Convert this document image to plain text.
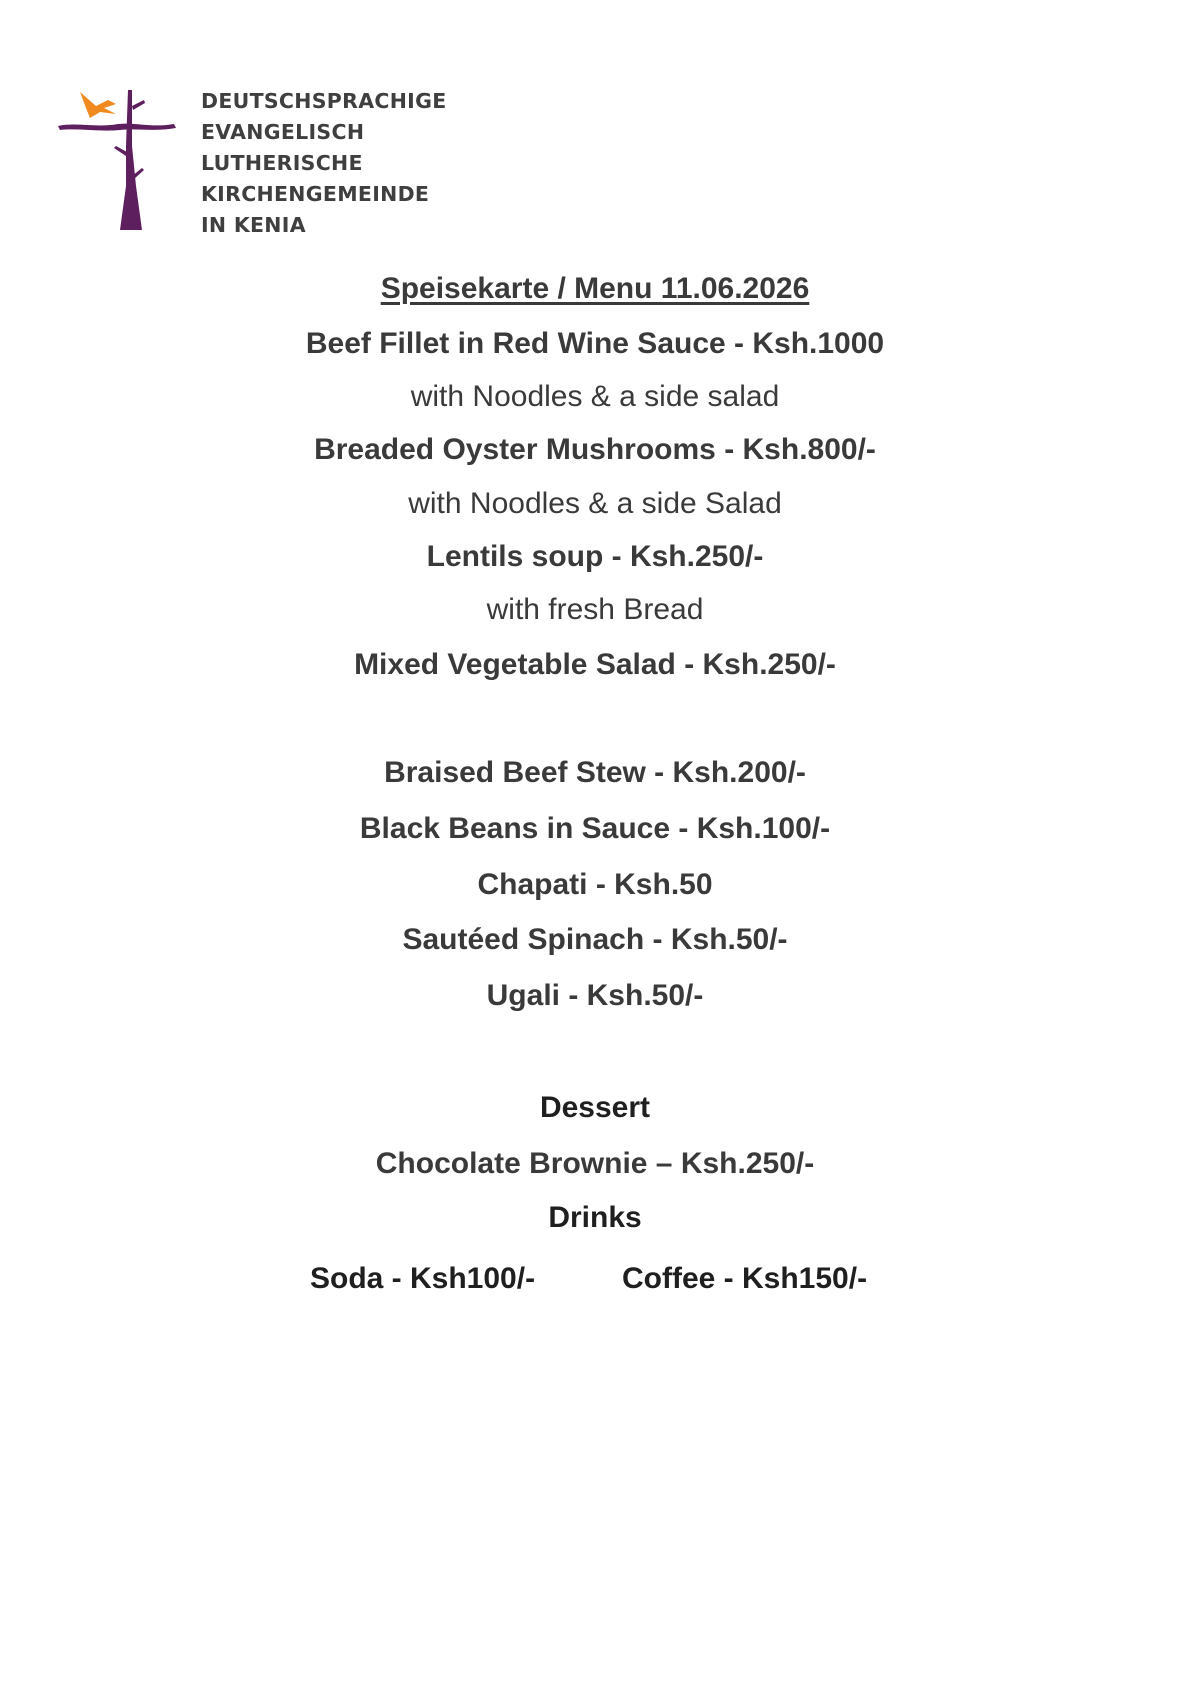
DEUTSCHSPRACHIGE
EVANGELISCH
LUTHERISCHE
KIRCHENGEMEINDE
IN KENIA
Speisekarte / Menu 11.06.2026
Beef Fillet in Red Wine Sauce - Ksh.1000
with Noodles & a side salad
Breaded Oyster Mushrooms - Ksh.800/-
with Noodles & a side Salad
Lentils soup - Ksh.250/-
with fresh Bread
Mixed Vegetable Salad - Ksh.250/-
Braised Beef Stew - Ksh.200/-
Black Beans in Sauce - Ksh.100/-
Chapati - Ksh.50
Sautéed Spinach - Ksh.50/-
Ugali - Ksh.50/-
Dessert
Chocolate Brownie – Ksh.250/-
Drinks
Soda - Ksh100/-	Coffee - Ksh150/-
